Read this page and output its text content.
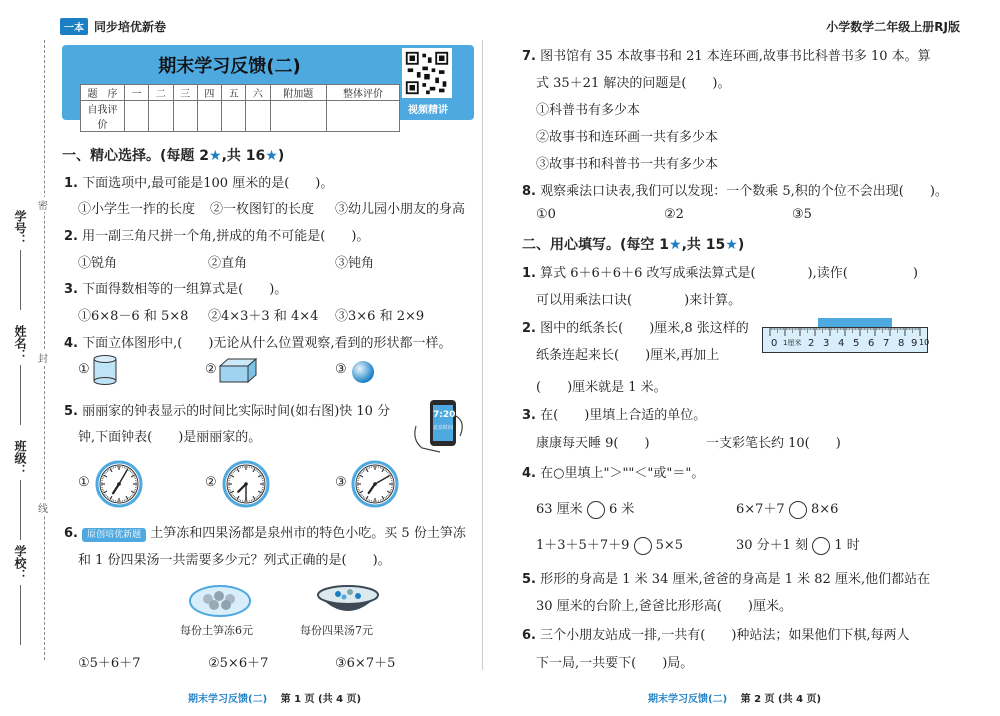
一本 同步培优新卷	小学数学二年级上册RJ版
学号：
姓名：
班级：
学校：
密
封
线
期末学习反馈(二)
题　序	一	二	三	四	五	六	附加题	整体评价
自我评价								
视频精讲
一、精心选择。(每题 2★,共 16★)
1. 下面选项中,最可能是100 厘米的是(　　)。
①小学生一拃的长度 ②一枚图钉的长度 ③幼儿园小朋友的身高
2. 用一副三角尺拼一个角,拼成的角不可能是(　　)。
①锐角	②直角	③钝角
3. 下面得数相等的一组算式是(　　)。
①6×8－6 和 5×8 ②4×3＋3 和 4×4 ③3×6 和 2×9
4. 下面立体图形中,(　　)无论从什么位置观察,看到的形状都一样。
①	②	③
5. 丽丽家的钟表显示的时间比实际时间(如右图)快 10 分
钟,下面钟表(　　)是丽丽家的。
7:20
北京时间
①	②	③
6. 原创培优新题 土笋冻和四果汤都是泉州市的特色小吃。买 5 份土笋冻
和 1 份四果汤一共需要多少元？列式正确的是(　　)。
每份土笋冻6元	每份四果汤7元
①5＋6＋7	②5×6＋7	③6×7＋5
期末学习反馈(二) 第 1 页 (共 4 页)
7. 图书馆有 35 本故事书和 21 本连环画,故事书比科普书多 10 本。算
式 35＋21 解决的问题是(　　)。
①科普书有多少本
②故事书和连环画一共有多少本
③故事书和科普书一共有多少本
8. 观察乘法口诀表,我们可以发现：一个数乘 5,积的个位不会出现(　　)。
①0	②2	③5
二、用心填写。(每空 1★,共 15★)
1. 算式 6＋6＋6＋6 改写成乘法算式是(　　　　),读作(　　　　　)
可以用乘法口诀(　　　　)来计算。
2. 图中的纸条长(　　)厘米,8 张这样的
纸条连起来长(　　)厘米,再加上
(　　)厘米就是 1 米。
0 1厘米 2 3 4 5 6 7 8 9 10
3. 在(　　)里填上合适的单位。
康康每天睡 9(　　)	一支彩笔长约 10(　　)
4. 在○里填上"＞""＜"或"＝"。
63 厘米 6 米	6×7＋7 8×6
1＋3＋5＋7＋9 5×5	30 分＋1 刻 1 时
5. 形形的身高是 1 米 34 厘米,爸爸的身高是 1 米 82 厘米,他们都站在
30 厘米的台阶上,爸爸比形形高(　　)厘米。
6. 三个小朋友站成一排,一共有(　　)种站法；如果他们下棋,每两人
下一局,一共要下(　　)局。
期末学习反馈(二) 第 2 页 (共 4 页)
